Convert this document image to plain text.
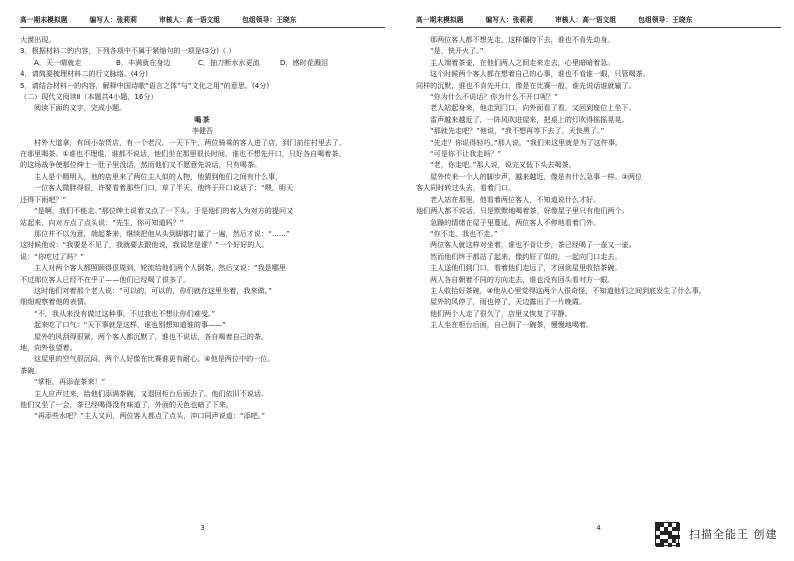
高一期末模拟题	编写人：张莉莉	审核人：高一语文组	包组领导：王晓东
大漠出现。
3．根据材料二的内容，下列各项中不属于紧缩句的一项是(3分)（ ）
A．天一晴就走	B．丰满就在身边	C．抽刀断水水更流	D．感时花溅泪
4．请简要梳理材料二的行文脉络。(4分)
5．请结合材料一的内容，解释中国诗歌“语言之体”与“文化之用”的意思。(4分)
（二）现代文阅读Ⅱ（本题共4小题，16分）
阅读下面的文字，完成小题。
喝茶
李健吾
村外大道拿，有间小杂货店，有一个老汉。一天下午，两位骑乘的客人进了店，到门前往村里去了。
在那里喝茶。①谁也不理谁，谁都不说话，他们坐在那里很长时间，谁也不想先开口，只好各自喝着茶。
的这场战争使那位绅士一肚子里没话，然而他们又不愿意先说话，只有喝茶。
主人是个精明人，他的店里来了两位主人似的人物，他猜到他们之间有什么事，
一位客人微胖得很，许要看着那些门口，草了半天，他终于开口说话了：“喂，明天
还得下雨吧？”
“是啊，我们不能走。”那位绅士说着又点了一下头。于是他们的客人为对方的提问又
站起来，向对方点了点头说：“先生，你可知道吗？”
那位并不以为意，端起茶来，继续把他从头到脚都打量了一遍，然后才说：“……”
这时候他说：“我要是不见了，我就要去跟他说，我说您是谁？”一个好好的人。
说：“你吃过了吗？”
主人对两个客人都照顾得很周到，轮流给他们两个人倒茶，然后又说：“我是哪里
不过那位客人已经不在乎了——他们已经喝了很多了。
这时他们对着那个老人说：“可以的，可以的，你们就在这里坐着，我来做。”
细细观察着他的表情。
“不，我从来没有做过这种事，不过我也不想让你们难受。”
起来吃了口气：“天下事就是这样，谁也别想知道谁的事——”
屋外的风刮得很紧，两个客人都沉默了，谁也不说话，各自喝着自己的茶。
地，向外张望着。
这屋里的空气很沉闷，两个人好像在比赛谁更有耐心。④他是两位中的一位。
茶碗。
“掌柜，再添壶茶来！”
主人应声过来，给他们添满茶碗，又退回柜台后面去了。他们依旧不说话。
他们又坐了一会，茶已经喝得没有味道了，外面的天色也暗了下来。
“再添些水吧？”主人又问，两位客人都点了点头，冲口同声说道：“添吧。”
3
高一期末模拟题	编写人：张莉莉	审核人：高一语文组	包组领导：王晓东
那两位客人都不想先走，这样僵持下去，谁也不肯先动身。
“是，快开火了。”
主人端着茶壶，在他们两人之间走来走去，心里暗暗着急。
这个时候两个客人都在想着自己的心事，谁也不看谁一眼，只管喝茶。
同样的沉默，谁也不肯先开口，像是在比赛一般，谁先说话谁就输了。
“你为什么不说话？你为什么不开口呢？”
老人站起身来，他走到门口，向外面看了看，又回到座位上坐下。
雷声越来越近了，一阵风吹进屋来，把桌上的灯吹得摇摇晃晃。
“那就先走吧？”他说，“我不想再等下去了，天快黑了。”
“先走？你说得轻巧。”那人说，“我们来这里就是为了这件事。
“可是你不让我走吗？”
“老，你走吧。”那人说，说完又低下头去喝茶。
屋外传来一个人的脚步声，越来越近，像是有什么急事一样。③两位
客人同时转过头去，看着门口。
老人站在那里，他看着两位客人，不知道说什么才好。
他们两人都不说话，只是默默地喝着茶，好像屋子里只有他们两个。
急躁的情绪在屋子里蔓延，两位客人不停地看着门外。
“你不走，我也不走。”
两位客人就这样对坐着，谁也不肯让步，茶已经喝了一壶又一壶。
然而他们终于都站了起来，像约好了似的，一起向门口走去。
主人送他们到门口，看着他们走远了，才回到屋里收拾茶碗。
两人各自朝着不同的方向走去，谁也没有回头看对方一眼。
主人收拾好茶碗，④他从心里觉得这两个人很奇怪，不知道他们之间到底发生了什么事。
屋外的风停了，雨也停了，天边露出了一片晚霞。
他们两个人走了很久了，店里又恢复了平静。
主人坐在柜台后面，自己倒了一碗茶，慢慢地喝着。
4	扫描全能王 创建
